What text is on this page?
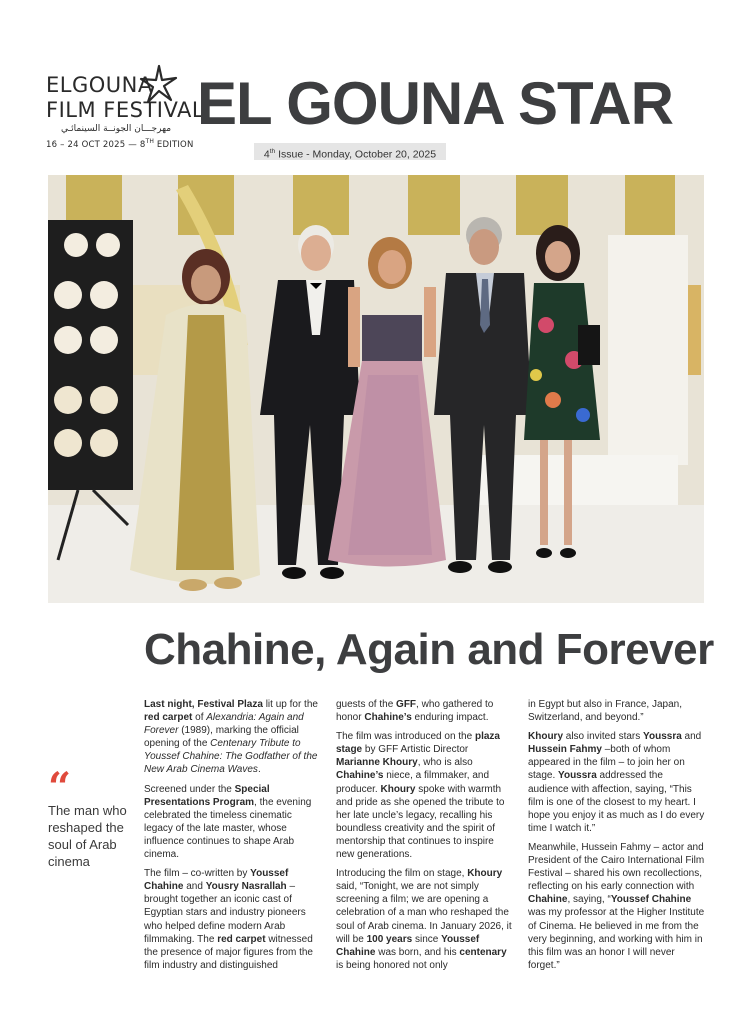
ELGOUNA
FILM FESTIVAL
مهرجـــان الجونــة السينمائـي
16 – 24 OCT 2025 — 8TH EDITION
EL GOUNA STAR
4th Issue - Monday, October 20, 2025
Chahine, Again and Forever
“
The man who reshaped the soul of Arab cinema

Last night, Festival Plaza lit up for the red carpet of Alexandria: Again and Forever (1989), marking the official opening of the Centenary Tribute to Youssef Chahine: The Godfather of the New Arab Cinema Waves.

Screened under the Special Presentations Program, the evening celebrated the timeless cinematic legacy of the late master, whose influence continues to shape Arab cinema.

The film – co-written by Youssef Chahine and Yousry Nasrallah – brought together an iconic cast of Egyptian stars and industry pioneers who helped define modern Arab filmmaking. The red carpet witnessed the presence of major figures from the film industry and distinguished

guests of the GFF, who gathered to honor Chahine’s enduring impact.

The film was introduced on the plaza stage by GFF Artistic Director Marianne Khoury, who is also Chahine’s niece, a filmmaker, and producer. Khoury spoke with warmth and pride as she opened the tribute to her late uncle’s legacy, recalling his boundless creativity and the spirit of mentorship that continues to inspire new generations.

Introducing the film on stage, Khoury said, “Tonight, we are not simply screening a film; we are opening a celebration of a man who reshaped the soul of Arab cinema. In January 2026, it will be 100 years since Youssef Chahine was born, and his centenary is being honored not only

in Egypt but also in France, Japan, Switzerland, and beyond.”

Khoury also invited stars Youssra and Hussein Fahmy –both of whom appeared in the film – to join her on stage. Youssra addressed the audience with affection, saying, “This film is one of the closest to my heart. I hope you enjoy it as much as I do every time I watch it.”

Meanwhile, Hussein Fahmy – actor and President of the Cairo International Film Festival – shared his own recollections, reflecting on his early connection with Chahine, saying, “Youssef Chahine was my professor at the Higher Institute of Cinema. He believed in me from the very beginning, and working with him in this film was an honor I will never forget.”
